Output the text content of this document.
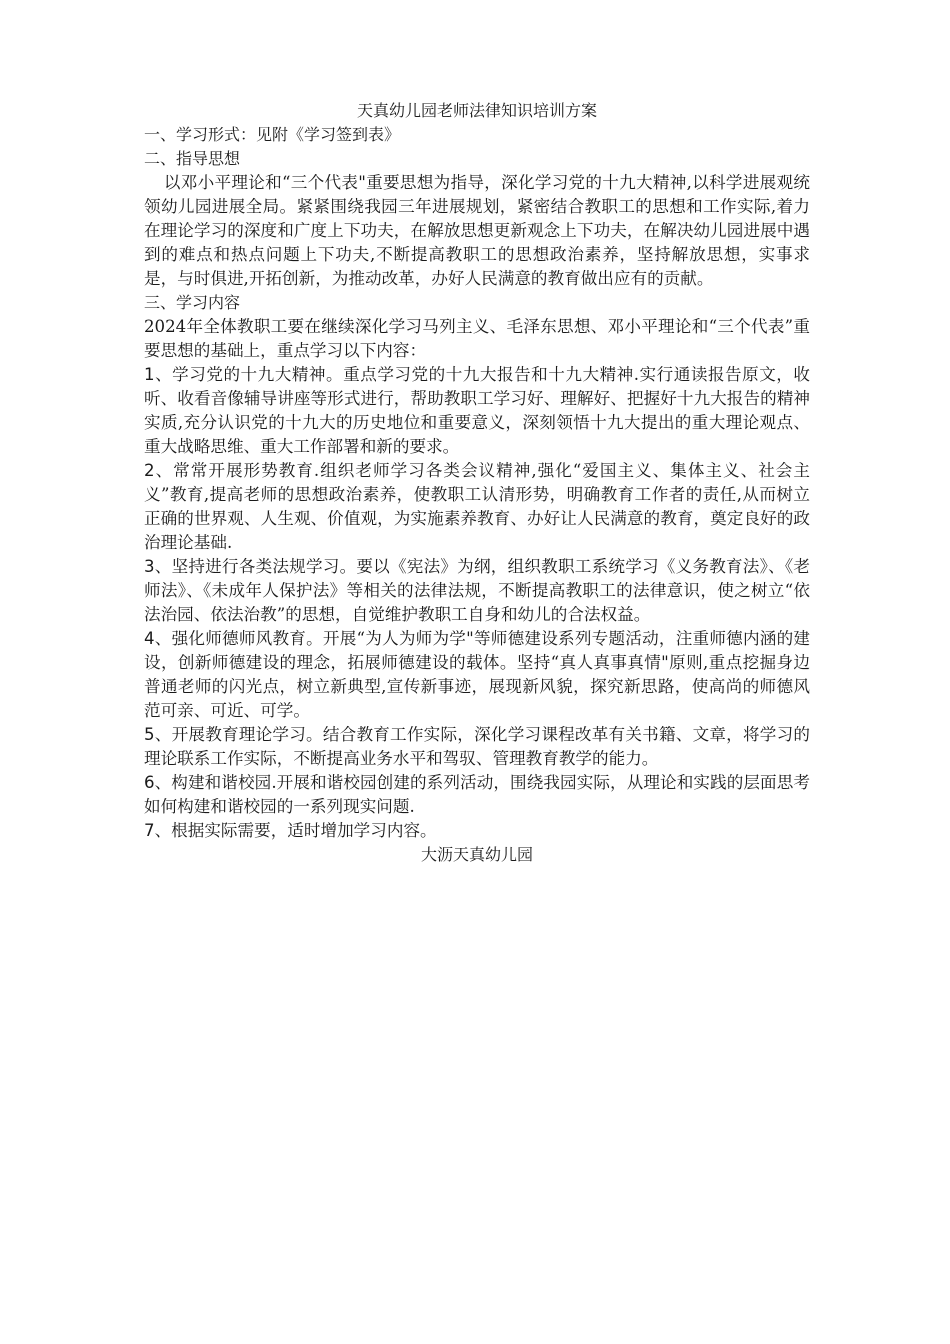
天真幼儿园老师法律知识培训方案

一、学习形式：见附《学习签到表》

二、指导思想

以邓小平理论和“三个代表"重要思想为指导，深化学习党的十九大精神,以科学进展观统领幼儿园进展全局。紧紧围绕我园三年进展规划，紧密结合教职工的思想和工作实际,着力在理论学习的深度和广度上下功夫，在解放思想更新观念上下功夫，在解决幼儿园进展中遇到的难点和热点问题上下功夫,不断提高教职工的思想政治素养，坚持解放思想，实事求是，与时俱进,开拓创新，为推动改革，办好人民满意的教育做出应有的贡献。

三、学习内容

2024年全体教职工要在继续深化学习马列主义、毛泽东思想、邓小平理论和“三个代表”重要思想的基础上，重点学习以下内容：

1、学习党的十九大精神。重点学习党的十九大报告和十九大精神.实行通读报告原文，收听、收看音像辅导讲座等形式进行，帮助教职工学习好、理解好、把握好十九大报告的精神实质,充分认识党的十九大的历史地位和重要意义，深刻领悟十九大提出的重大理论观点、重大战略思维、重大工作部署和新的要求。

2、常常开展形势教育.组织老师学习各类会议精神,强化“爱国主义、集体主义、社会主义”教育,提高老师的思想政治素养，使教职工认清形势，明确教育工作者的责任,从而树立正确的世界观、人生观、价值观，为实施素养教育、办好让人民满意的教育，奠定良好的政治理论基础.

3、坚持进行各类法规学习。要以《宪法》为纲，组织教职工系统学习《义务教育法》、《老师法》、《未成年人保护法》等相关的法律法规，不断提高教职工的法律意识，使之树立“依法治园、依法治教”的思想，自觉维护教职工自身和幼儿的合法权益。

4、强化师德师风教育。开展“为人为师为学"等师德建设系列专题活动，注重师德内涵的建设，创新师德建设的理念，拓展师德建设的载体。坚持“真人真事真情"原则,重点挖掘身边普通老师的闪光点，树立新典型,宣传新事迹，展现新风貌，探究新思路，使高尚的师德风范可亲、可近、可学。

5、开展教育理论学习。结合教育工作实际，深化学习课程改革有关书籍、文章，将学习的理论联系工作实际，不断提高业务水平和驾驭、管理教育教学的能力。

6、构建和谐校园.开展和谐校园创建的系列活动，围绕我园实际，从理论和实践的层面思考如何构建和谐校园的一系列现实问题.

7、根据实际需要，适时增加学习内容。

大沥天真幼儿园
